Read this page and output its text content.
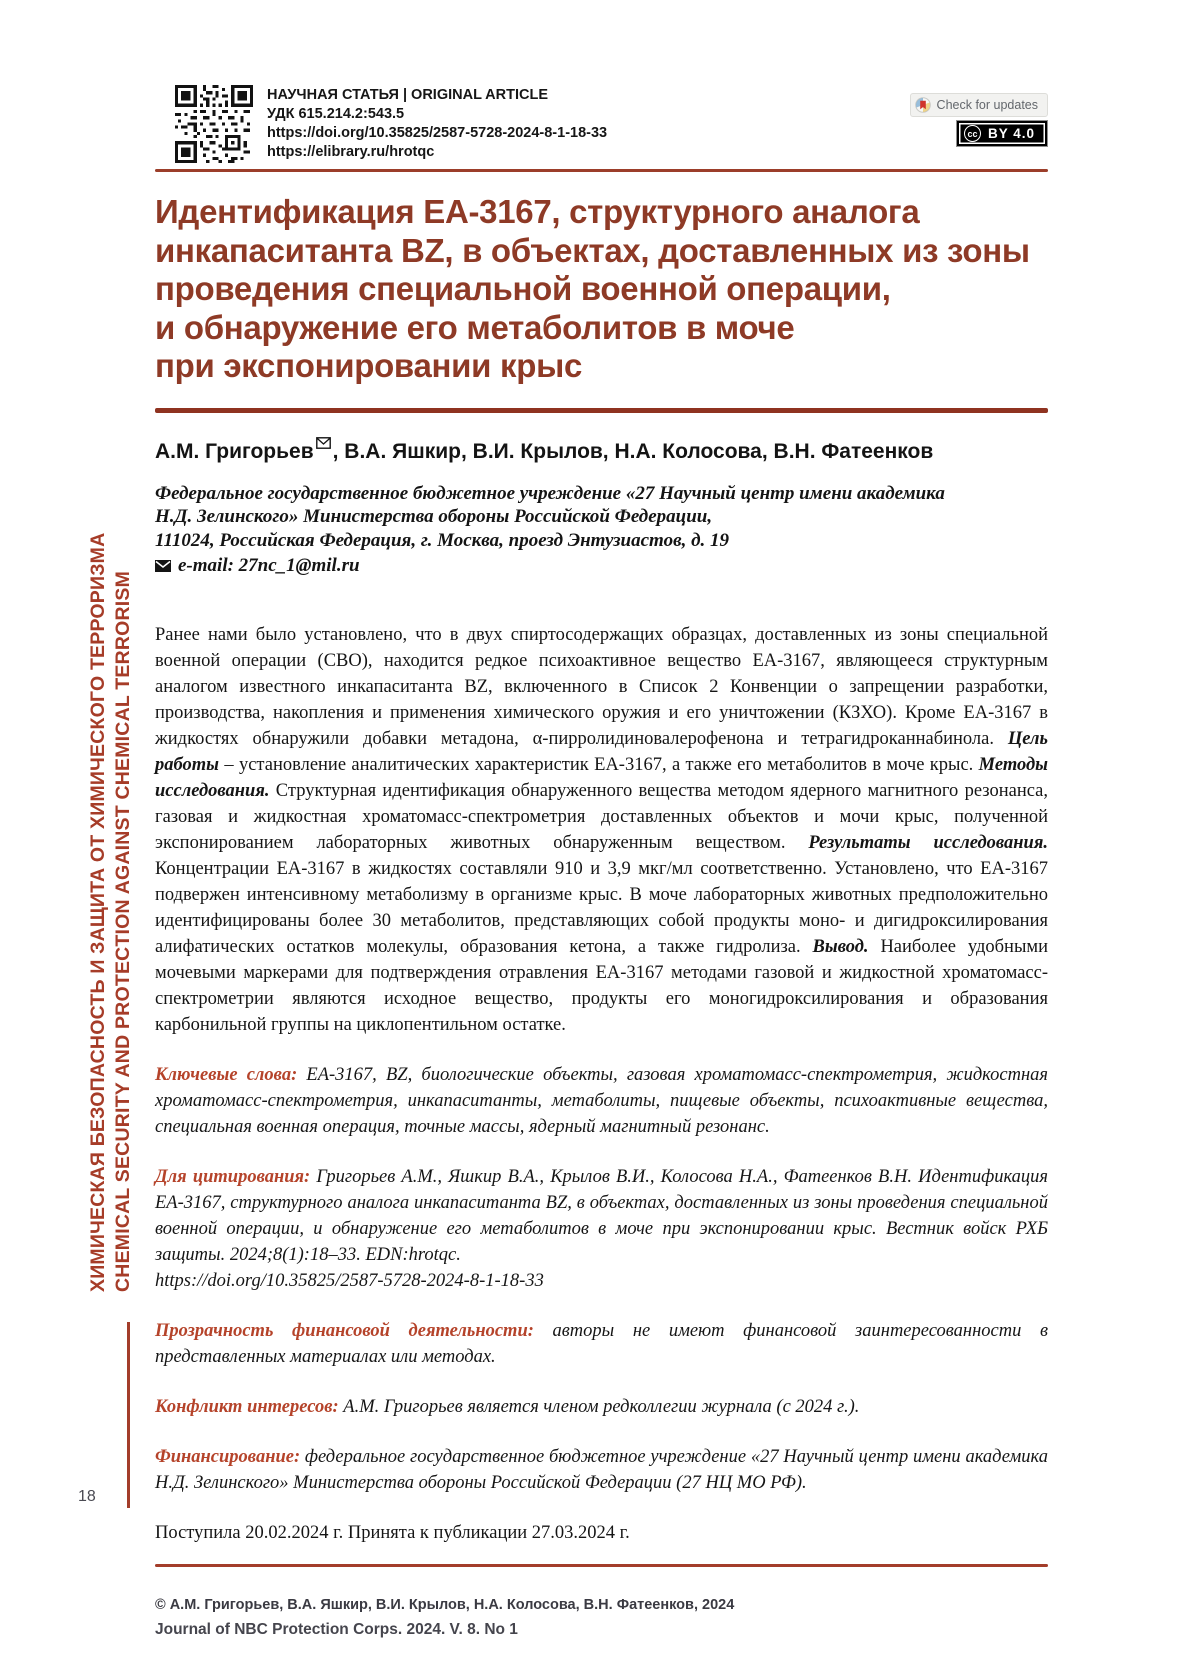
ХИМИЧЕСКАЯ БЕЗОПАСНОСТЬ И ЗАЩИТА ОТ ХИМИЧЕСКОГО ТЕРРОРИЗМА CHEMICAL SECURITY AND PROTECTION AGAINST CHEMICAL TERRORISM
18
НАУЧНАЯ СТАТЬЯ | ORIGINAL ARTICLE
УДК 615.214.2:543.5
https://doi.org/10.35825/2587-5728-2024-8-1-18-33
https://elibrary.ru/hrotqc
Check for updates
cc BY 4.0
Идентификация EA-3167, структурного аналога
инкапаситанта BZ, в объектах, доставленных из зоны
проведения специальной военной операции,
и обнаружение его метаболитов в моче
при экспонировании крыс
А.М. Григорьев , В.А. Яшкир, В.И. Крылов, Н.А. Колосова, В.Н. Фатеенков
Федеральное государственное бюджетное учреждение «27 Научный центр имени академика
Н.Д. Зелинского» Министерства обороны Российской Федерации,
111024, Российская Федерация, г. Москва, проезд Энтузиастов, д. 19
e-mail: 27nc_1@mil.ru

Ранее нами было установлено, что в двух спиртосодержащих образцах, доставленных из зоны специальной военной операции (СВО), находится редкое психоактивное вещество EA-3167, являющееся структурным аналогом известного инкапаситанта BZ, включенного в Список 2 Конвенции о запрещении разработки, производства, накопления и применения химического оружия и его уничтожении (КЗХО). Кроме EA-3167 в жидкостях обнаружили добавки метадона, α-пирролидиновалерофенона и тетрагидроканнабинола. Цель работы – установление аналитических характеристик EA-3167, а также его метаболитов в моче крыс. Методы исследования. Структурная идентификация обнаруженного вещества методом ядерного магнитного резонанса, газовая и жидкостная хроматомасс-спектрометрия доставленных объектов и мочи крыс, полученной экспонированием лабораторных животных обнаруженным веществом. Результаты исследования. Концентрации EA-3167 в жидкостях составляли 910 и 3,9 мкг/мл соответственно. Установлено, что EA-3167 подвержен интенсивному метаболизму в организме крыс. В моче лабораторных животных предположительно идентифицированы более 30 метаболитов, представляющих собой продукты моно- и дигидроксилирования алифатических остатков молекулы, образования кетона, а также гидролиза. Вывод. Наиболее удобными мочевыми маркерами для подтверждения отравления EA-3167 методами газовой и жидкостной хроматомасс-спектрометрии являются исходное вещество, продукты его моногидроксилирования и образования карбонильной группы на циклопентильном остатке.

Ключевые слова: EA-3167, BZ, биологические объекты, газовая хроматомасс-спектрометрия, жидкостная хроматомасс-спектрометрия, инкапаситанты, метаболиты, пищевые объекты, психоактивные вещества, специальная военная операция, точные массы, ядерный магнитный резонанс.

Для цитирования: Григорьев А.М., Яшкир В.А., Крылов В.И., Колосова Н.А., Фатеенков В.Н. Идентификация EA-3167, структурного аналога инкапаситанта BZ, в объектах, доставленных из зоны проведения специальной военной операции, и обнаружение его метаболитов в моче при экспонировании крыс. Вестник войск РХБ защиты. 2024;8(1):18–33. EDN:hrotqc.
https://doi.org/10.35825/2587-5728-2024-8-1-18-33

Прозрачность финансовой деятельности: авторы не имеют финансовой заинтересованности в представленных материалах или методах.

Конфликт интересов: А.М. Григорьев является членом редколлегии журнала (с 2024 г.).

Финансирование: федеральное государственное бюджетное учреждение «27 Научный центр имени академика Н.Д. Зелинского» Министерства обороны Российской Федерации (27 НЦ МО РФ).

Поступила 20.02.2024 г. Принята к публикации 27.03.2024 г.

© А.М. Григорьев, В.А. Яшкир, В.И. Крылов, Н.А. Колосова, В.Н. Фатеенков, 2024
Journal of NBC Protection Corps. 2024. V. 8. No 1
